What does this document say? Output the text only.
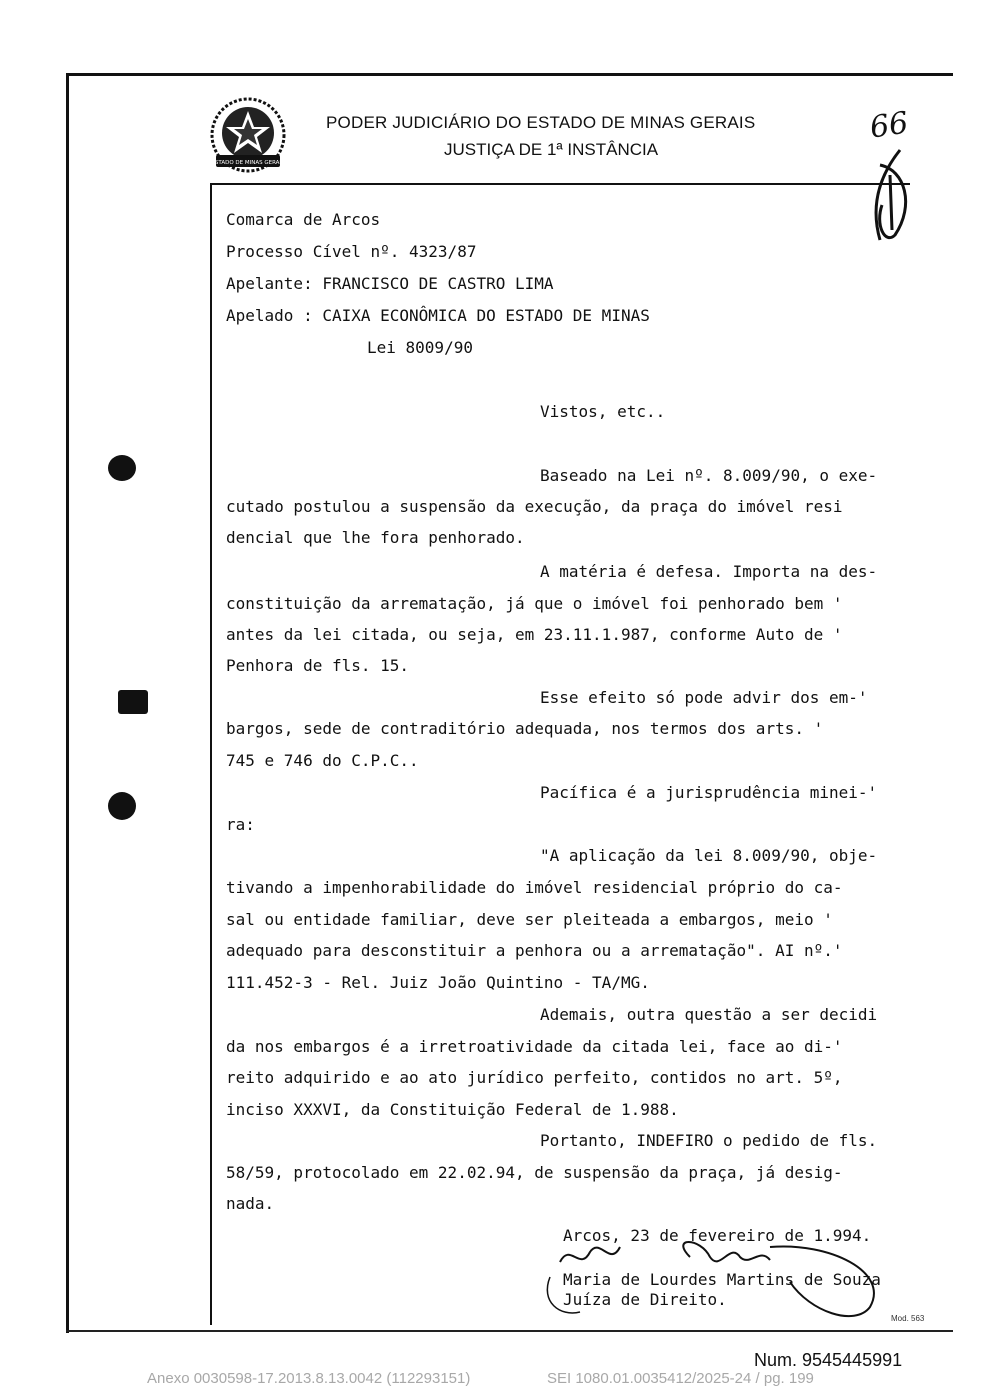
ESTADO DE MINAS GERAIS
PODER JUDICIÁRIO DO ESTADO DE MINAS GERAIS
JUSTIÇA DE 1ª INSTÂNCIA
66
Comarca de Arcos
Processo Cível nº. 4323/87
Apelante: FRANCISCO DE CASTRO LIMA
Apelado : CAIXA ECONÔMICA DO ESTADO DE MINAS
Lei 8009/90
Vistos, etc..
Baseado na Lei nº. 8.009/90, o exe-
cutado postulou a suspensão da execução, da praça do imóvel resi
dencial que lhe fora penhorado.
A matéria é defesa. Importa na des-
constituição da arrematação, já que o imóvel foi penhorado bem '
antes da lei citada, ou seja, em 23.11.1.987, conforme Auto de '
Penhora de fls. 15.
Esse efeito só pode advir dos em-'
bargos, sede de contraditório adequada, nos termos dos arts. '
745 e 746 do C.P.C..
Pacífica é a jurisprudência minei-'
ra:
"A aplicação da lei 8.009/90, obje-
tivando a impenhorabilidade do imóvel residencial próprio do ca-
sal ou entidade familiar, deve ser pleiteada a embargos, meio '
adequado para desconstituir a penhora ou a arrematação". AI nº.'
111.452-3 - Rel. Juiz João Quintino - TA/MG.
Ademais, outra questão a ser decidi
da nos embargos é a irretroatividade da citada lei, face ao di-'
reito adquirido e ao ato jurídico perfeito, contidos no art. 5º,
inciso XXXVI, da Constituição Federal de 1.988.
Portanto, INDEFIRO o pedido de fls.
58/59, protocolado em 22.02.94, de suspensão da praça, já desig-
nada.
Arcos, 23 de fevereiro de 1.994.
Maria de Lourdes Martins de Souza
Juíza de Direito.
Mod. 563
Num. 9545445991
Anexo 0030598-17.2013.8.13.0042 (112293151)	SEI 1080.01.0035412/2025-24 / pg. 199
